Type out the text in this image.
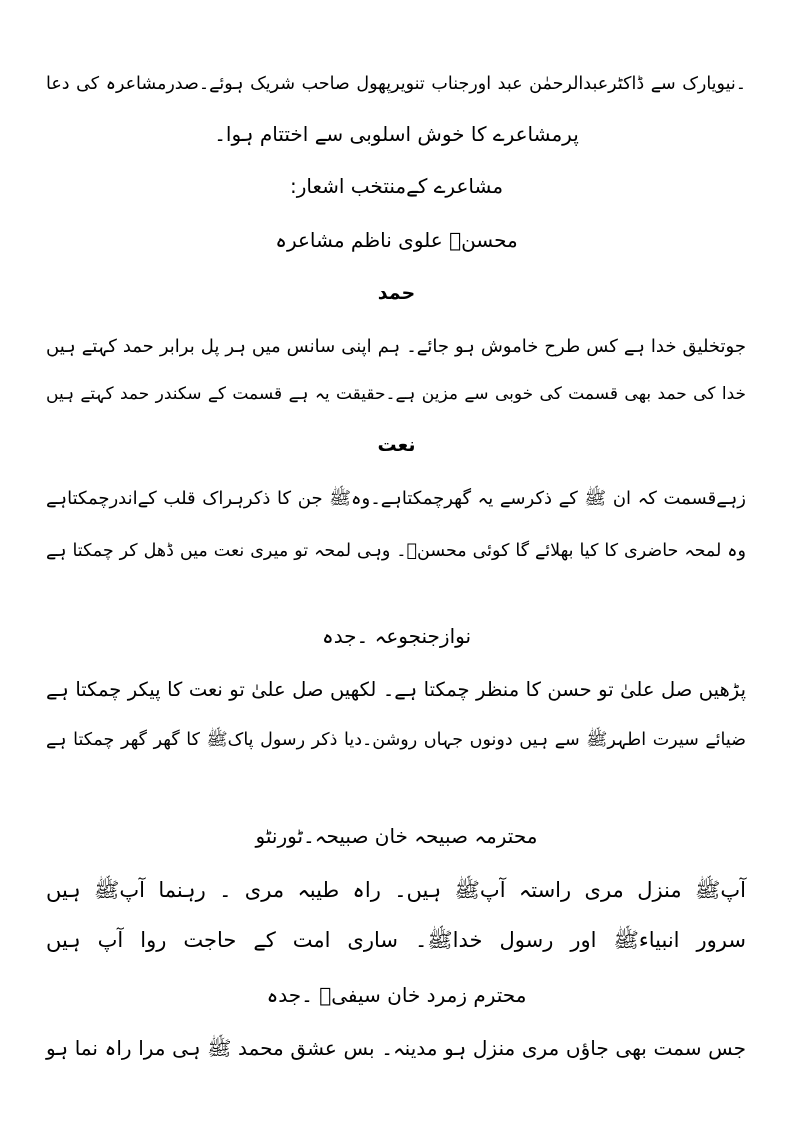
۔نیویارک سے ڈاکٹرعبدالرحمٰن عبد اورجناب تنویرپھول صاحب شریک ہوئے۔صدرمشاعرہ کی دعا
پرمشاعرے کا خوش اسلوبی سے اختتام ہوا۔
مشاعرے کےمنتخب اشعار:
محسنؔ علوی ناظم مشاعرہ
حمد
جوتخلیق خدا ہے کس طرح خاموش ہو جائے۔ ہم اپنی سانس میں ہر پل برابر حمد کہتے ہیں
خدا کی حمد بھی قسمت کی خوبی سے مزین ہے۔حقیقت یہ ہے قسمت کے سکندر حمد کہتے ہیں
نعت
زہےقسمت کہ ان ﷺ کے ذکرسے یہ گھرچمکتاہے۔وہﷺ جن کا ذکرہراک قلب کےاندرچمکتاہے
وہ لمحہ حاضری کا کیا بھلائے گا کوئی محسنؔ۔ وہی لمحہ تو میری نعت میں ڈھل کر چمکتا ہے
نوازجنجوعہ ۔جدہ
پڑھیں صل علیٰ تو حسن کا منظر چمکتا ہے۔ لکھیں صل علیٰ تو نعت کا پیکر چمکتا ہے
ضیائے سیرت اطہرﷺ سے ہیں دونوں جہاں روشن۔دیا ذکر رسول پاکﷺ کا گھر گھر چمکتا ہے
محترمہ صبیحہ خان صبیحہ۔ٹورنٹو
آپﷺ منزل مری راستہ آپﷺ ہیں۔ راہ طیبہ مری ۔ رہنما آپﷺ ہیں
سرور انبیاءﷺ اور رسول خداﷺ۔ ساری امت کے حاجت روا آپ ہیں
محترم زمرد خان سیفیؔ ۔جدہ
جس سمت بھی جاؤں مری منزل ہو مدینہ۔ بس عشق محمد ﷺ ہی مرا راہ نما ہو
